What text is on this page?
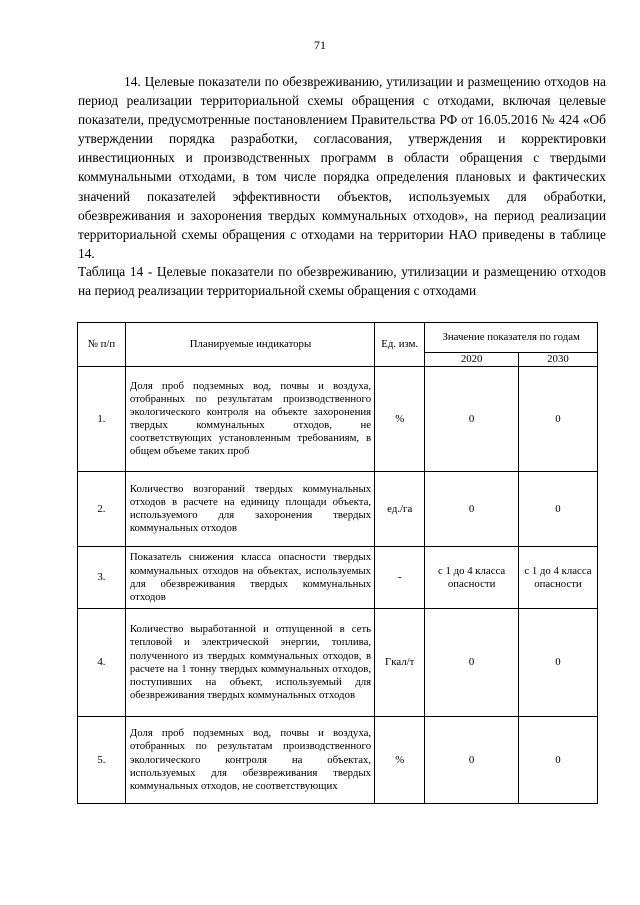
71

14. Целевые показатели по обезвреживанию, утилизации и размещению отходов на период реализации территориальной схемы обращения с отходами, включая целевые показатели, предусмотренные постановлением Правительства РФ от 16.05.2016 № 424 «Об утверждении порядка разработки, согласования, утверждения и корректировки инвестиционных и производственных программ в области обращения с твердыми коммунальными отходами, в том числе порядка определения плановых и фактических значений показателей эффективности объектов, используемых для обработки, обезвреживания и захоронения твердых коммунальных отходов», на период реализации территориальной схемы обращения с отходами на территории НАО приведены в таблице 14.

Таблица 14 - Целевые показатели по обезвреживанию, утилизации и размещению отходов на период реализации территориальной схемы обращения с отходами

№ п/п	Планируемые индикаторы	Ед. изм.	Значение показателя по годам	
			2020	2030
1.	Доля проб подземных вод, почвы и воздуха, отобранных по результатам производственного экологического контроля на объекте захоронения твердых коммунальных отходов, не соответствующих установленным требованиям, в общем объеме таких проб	%	0	0
2.	Количество возгораний твердых коммунальных отходов в расчете на единицу площади объекта, используемого для захоронения твердых коммунальных отходов	ед./га	0	0
3.	Показатель снижения класса опасности твердых коммунальных отходов на объектах, используемых для обезвреживания твердых коммунальных отходов	-	с 1 до 4 класса опасности	с 1 до 4 класса опасности
4.	Количество выработанной и отпущенной в сеть тепловой и электрической энергии, топлива, полученного из твердых коммунальных отходов, в расчете на 1 тонну твердых коммунальных отходов, поступивших на объект, используемый для обезвреживания твердых коммунальных отходов	Гкал/т	0	0
5.	Доля проб подземных вод, почвы и воздуха, отобранных по результатам производственного экологического контроля на объектах, используемых для обезвреживания твердых коммунальных отходов, не соответствующих	%	0	0
